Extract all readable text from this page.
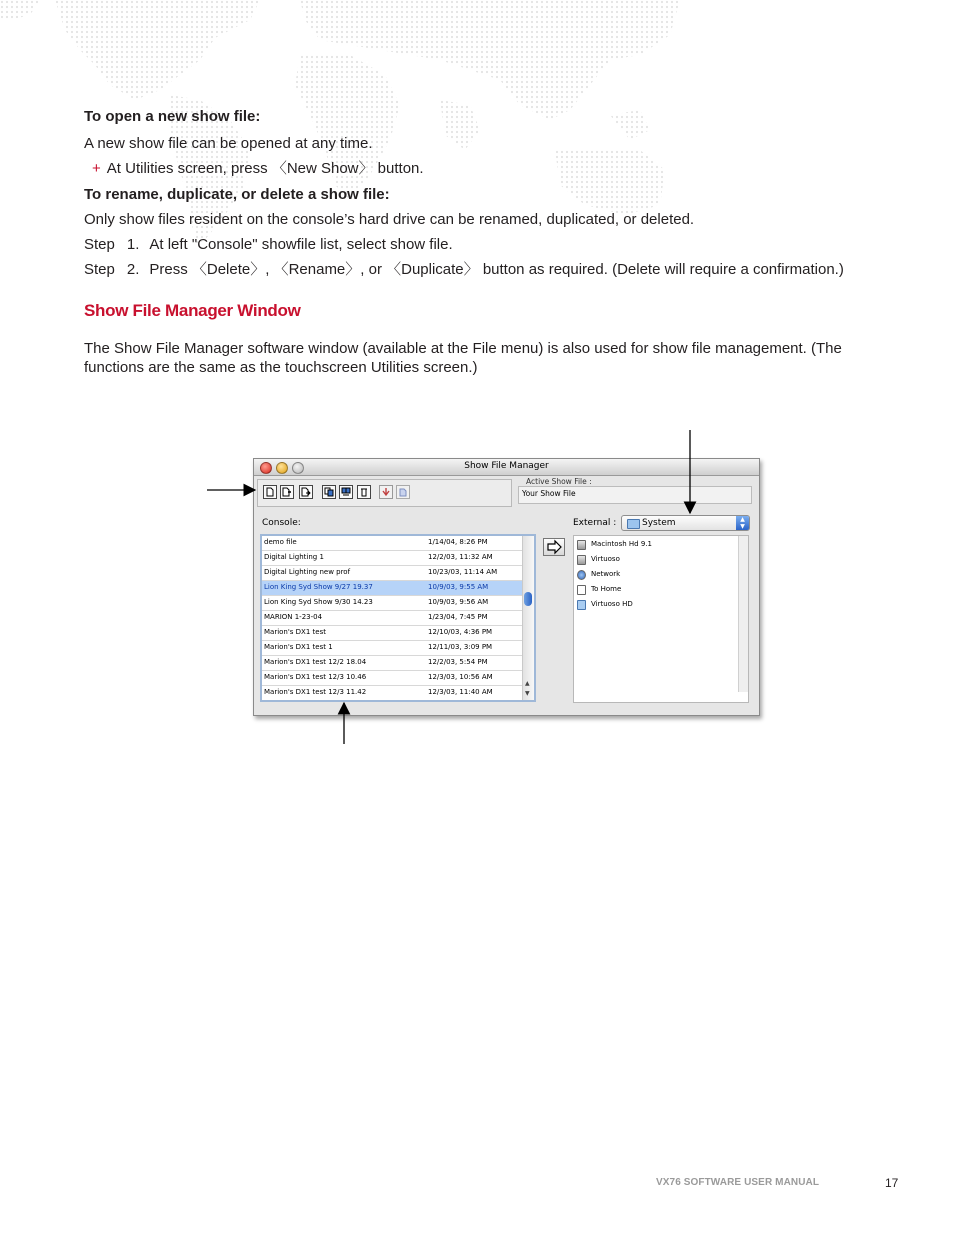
To open a new show file:
A new show file can be opened at any time.
+ At Utilities screen, press 〈New Show〉 button.
To rename, duplicate, or delete a show file:
Only show files resident on the console’s hard drive can be renamed, duplicated, or deleted.
Step 1. At left "Console" showfile list, select show file.
Step 2. Press 〈Delete〉, 〈Rename〉, or 〈Duplicate〉 button as required. (Delete will require a confirmation.)
Show File Manager Window
The Show File Manager software window (available at the File menu) is also used for show file management. (The functions are the same as the touchscreen Utilities screen.)
Show File Manager
Active Show File :
Your Show File
Console:
demo file	1/14/04, 8:26 PM
Digital Lighting 1	12/2/03, 11:32 AM
Digital Lighting new prof	10/23/03, 11:14 AM
Lion King Syd Show 9/27 19.37	10/9/03, 9:55 AM
Lion King Syd Show 9/30 14.23	10/9/03, 9:56 AM
MARION 1-23-04	1/23/04, 7:45 PM
Marion's DX1 test	12/10/03, 4:36 PM
Marion's DX1 test 1	12/11/03, 3:09 PM
Marion's DX1 test 12/2 18.04	12/2/03, 5:54 PM
Marion's DX1 test 12/3 10.46	12/3/03, 10:56 AM
Marion's DX1 test 12/3 11.42	12/3/03, 11:40 AM
▲
▼
External :	System	▲
▼
Macintosh Hd 9.1
Virtuoso
Network
To Home
Virtuoso HD
VX76 SOFTWARE USER MANUAL	17
